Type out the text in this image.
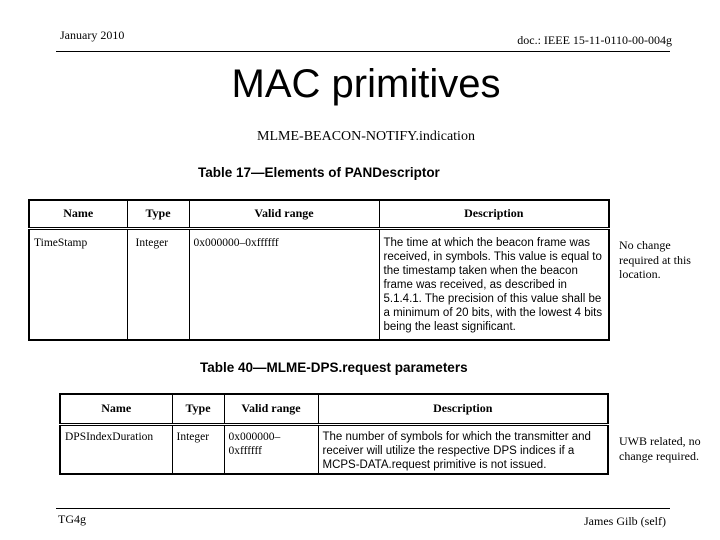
January 2010	doc.: IEEE 15-11-0110-00-004g
MAC primitives
MLME-BEACON-NOTIFY.indication
Table 17—Elements of PANDescriptor
Name	Type	Valid range	Description
TimeStamp	Integer	0x000000–0xffffff	The time at which the beacon frame was received, in symbols. This value is equal to the timestamp taken when the beacon frame was received, as described in 5.1.4.1. The precision of this value shall be a minimum of 20 bits, with the lowest 4 bits being the least significant.
No change required at this location.
Table 40—MLME-DPS.request parameters
Name	Type	Valid range	Description
DPSIndexDuration	Integer	0x000000–0xffffff	The number of symbols for which the transmitter and receiver will utilize the respective DPS indices if a MCPS-DATA.request primitive is not issued.
UWB related, no change required.
TG4g	James Gilb (self)
